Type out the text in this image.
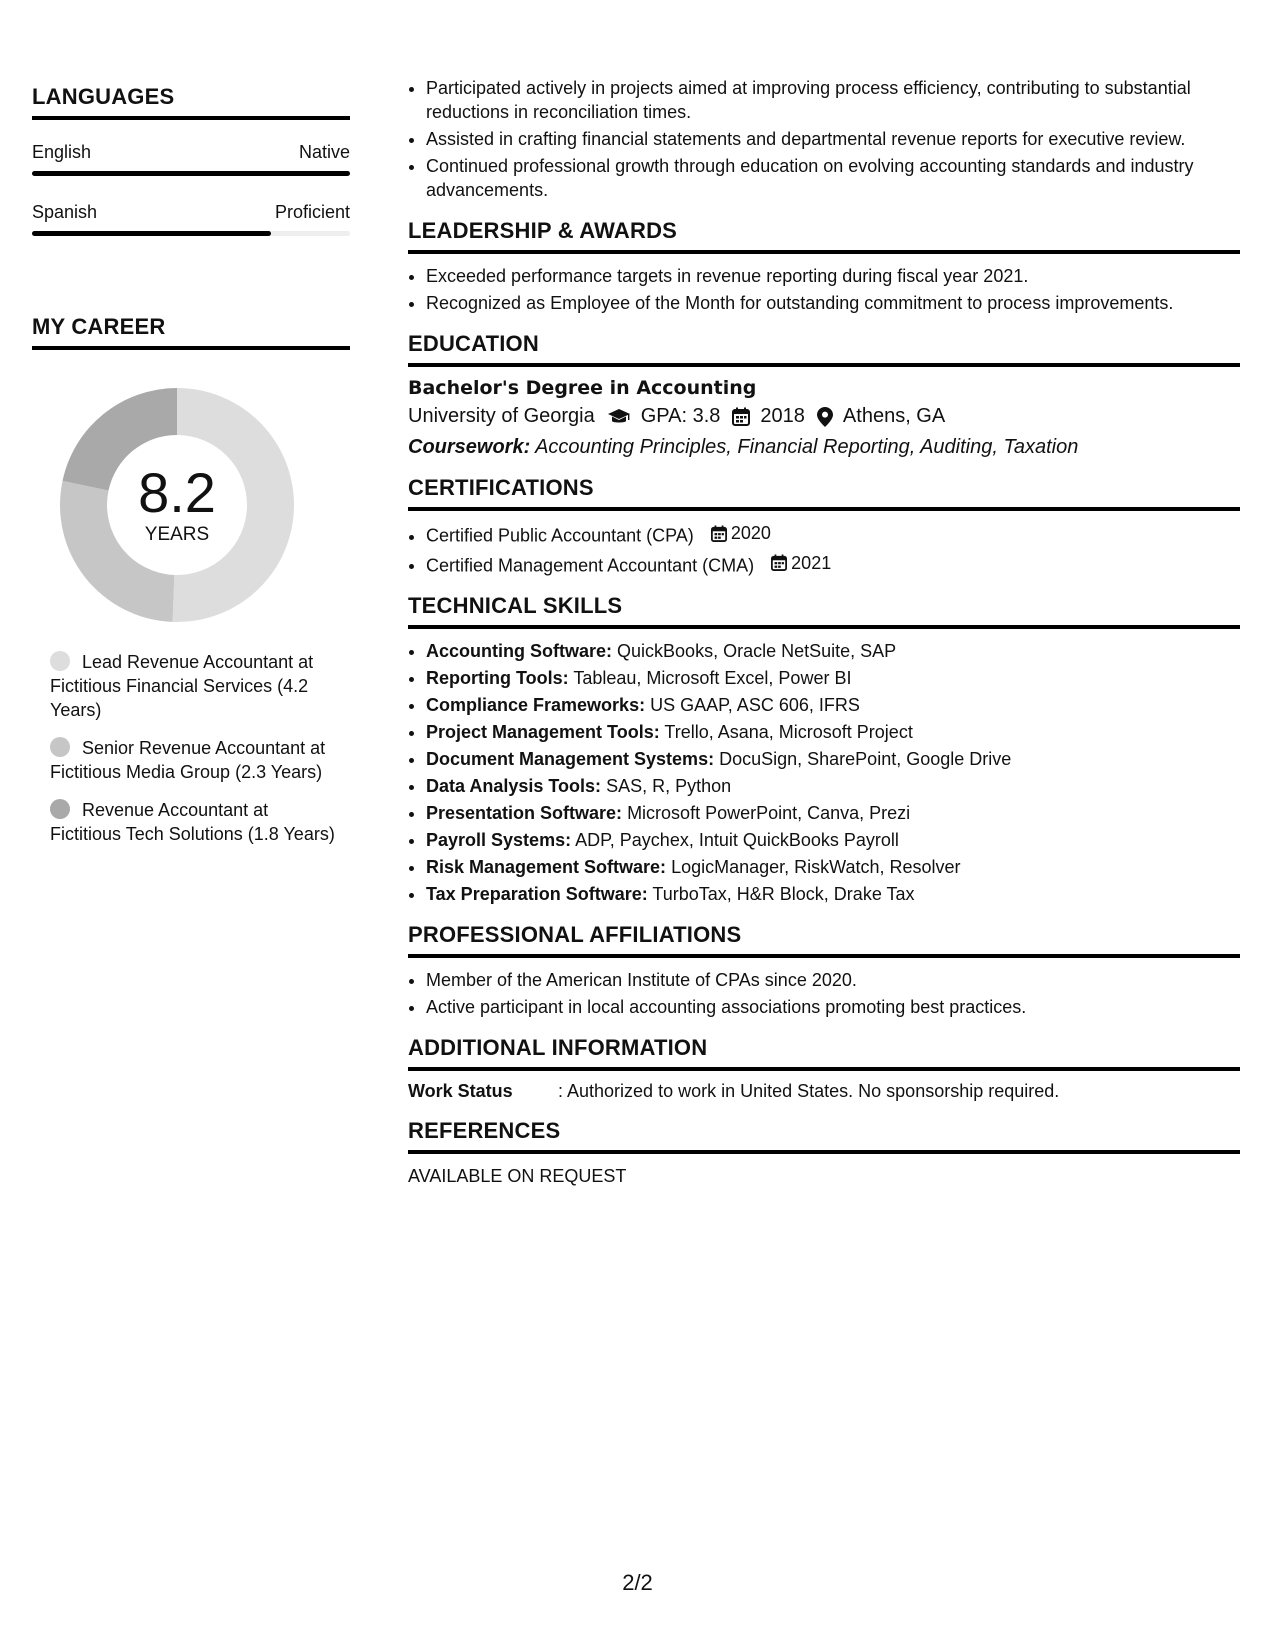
LANGUAGES
English	Native
Spanish	Proficient
MY CAREER
8.2
YEARS
Lead Revenue Accountant at Fictitious Financial Services (4.2 Years)
Senior Revenue Accountant at Fictitious Media Group (2.3 Years)
Revenue Accountant at Fictitious Tech Solutions (1.8 Years)
• Participated actively in projects aimed at improving process efficiency, contributing to substantial reductions in reconciliation times.
• Assisted in crafting financial statements and departmental revenue reports for executive review.
• Continued professional growth through education on evolving accounting standards and industry advancements.
LEADERSHIP & AWARDS
• Exceeded performance targets in revenue reporting during fiscal year 2021.
• Recognized as Employee of the Month for outstanding commitment to process improvements.
EDUCATION
Bachelor's Degree in Accounting
University of Georgia GPA: 3.8 2018 Athens, GA
Coursework: Accounting Principles, Financial Reporting, Auditing, Taxation
CERTIFICATIONS
• Certified Public Accountant (CPA) 2020
• Certified Management Accountant (CMA) 2021
TECHNICAL SKILLS
• Accounting Software: QuickBooks, Oracle NetSuite, SAP
• Reporting Tools: Tableau, Microsoft Excel, Power BI
• Compliance Frameworks: US GAAP, ASC 606, IFRS
• Project Management Tools: Trello, Asana, Microsoft Project
• Document Management Systems: DocuSign, SharePoint, Google Drive
• Data Analysis Tools: SAS, R, Python
• Presentation Software: Microsoft PowerPoint, Canva, Prezi
• Payroll Systems: ADP, Paychex, Intuit QuickBooks Payroll
• Risk Management Software: LogicManager, RiskWatch, Resolver
• Tax Preparation Software: TurboTax, H&R Block, Drake Tax
PROFESSIONAL AFFILIATIONS
• Member of the American Institute of CPAs since 2020.
• Active participant in local accounting associations promoting best practices.
ADDITIONAL INFORMATION
Work Status	: Authorized to work in United States. No sponsorship required.
REFERENCES
AVAILABLE ON REQUEST
2/2
